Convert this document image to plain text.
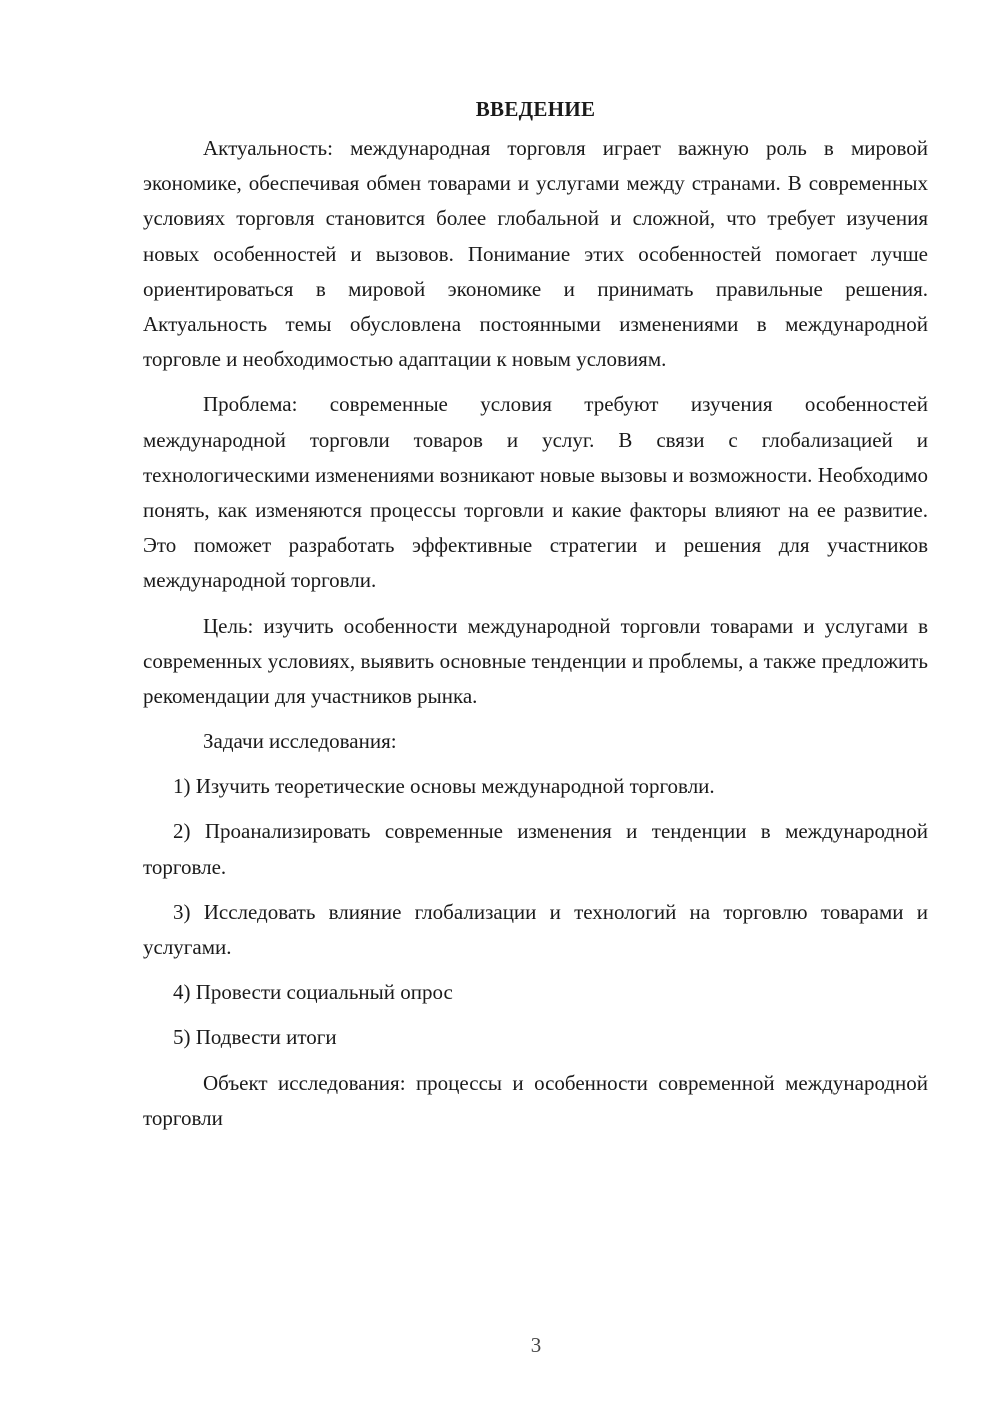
ВВЕДЕНИЕ
Актуальность: международная торговля играет важную роль в мировой экономике, обеспечивая обмен товарами и услугами между странами. В современных условиях торговля становится более глобальной и сложной, что требует изучения новых особенностей и вызовов. Понимание этих особенностей помогает лучше ориентироваться в мировой экономике и принимать правильные решения. Актуальность темы обусловлена постоянными изменениями в международной торговле и необходимостью адаптации к новым условиям.
Проблема: современные условия требуют изучения особенностей международной торговли товаров и услуг. В связи с глобализацией и технологическими изменениями возникают новые вызовы и возможности. Необходимо понять, как изменяются процессы торговли и какие факторы влияют на ее развитие. Это поможет разработать эффективные стратегии и решения для участников международной торговли.
Цель: изучить особенности международной торговли товарами и услугами в современных условиях, выявить основные тенденции и проблемы, а также предложить рекомендации для участников рынка.
Задачи исследования:
1) Изучить теоретические основы международной торговли.
2) Проанализировать современные изменения и тенденции в международной торговле.
3) Исследовать влияние глобализации и технологий на торговлю товарами и услугами.
4) Провести социальный опрос
5) Подвести итоги
Объект исследования: процессы и особенности современной международной торговли
3
